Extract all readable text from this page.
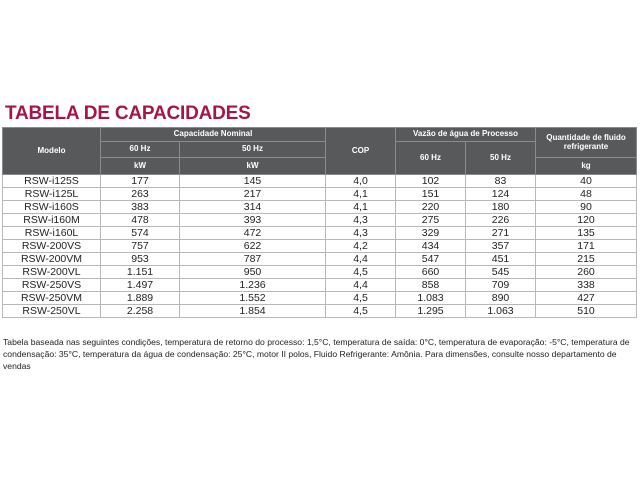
TABELA DE CAPACIDADES
Modelo	Capacidade Nominal		COP	Vazão de água de Processo		Quantidade de fluido refrigerante
	60 Hz	50 Hz		60 Hz	50 Hz	
	kW	kW				kg
RSW-i125S	177	145	4,0	102	83	40
RSW-i125L	263	217	4,1	151	124	48
RSW-i160S	383	314	4,1	220	180	90
RSW-i160M	478	393	4,3	275	226	120
RSW-i160L	574	472	4,3	329	271	135
RSW-200VS	757	622	4,2	434	357	171
RSW-200VM	953	787	4,4	547	451	215
RSW-200VL	1.151	950	4,5	660	545	260
RSW-250VS	1.497	1.236	4,4	858	709	338
RSW-250VM	1.889	1.552	4,5	1.083	890	427
RSW-250VL	2.258	1.854	4,5	1.295	1.063	510
Tabela baseada nas seguintes condições, temperatura de retorno do processo: 1,5°C, temperatura de saída: 0°C, temperatura de evaporação: -5°C, temperatura de condensação: 35°C, temperatura da água de condensação: 25°C, motor II polos, Fluido Refrigerante: Amônia. Para dimensões, consulte nosso departamento de vendas
